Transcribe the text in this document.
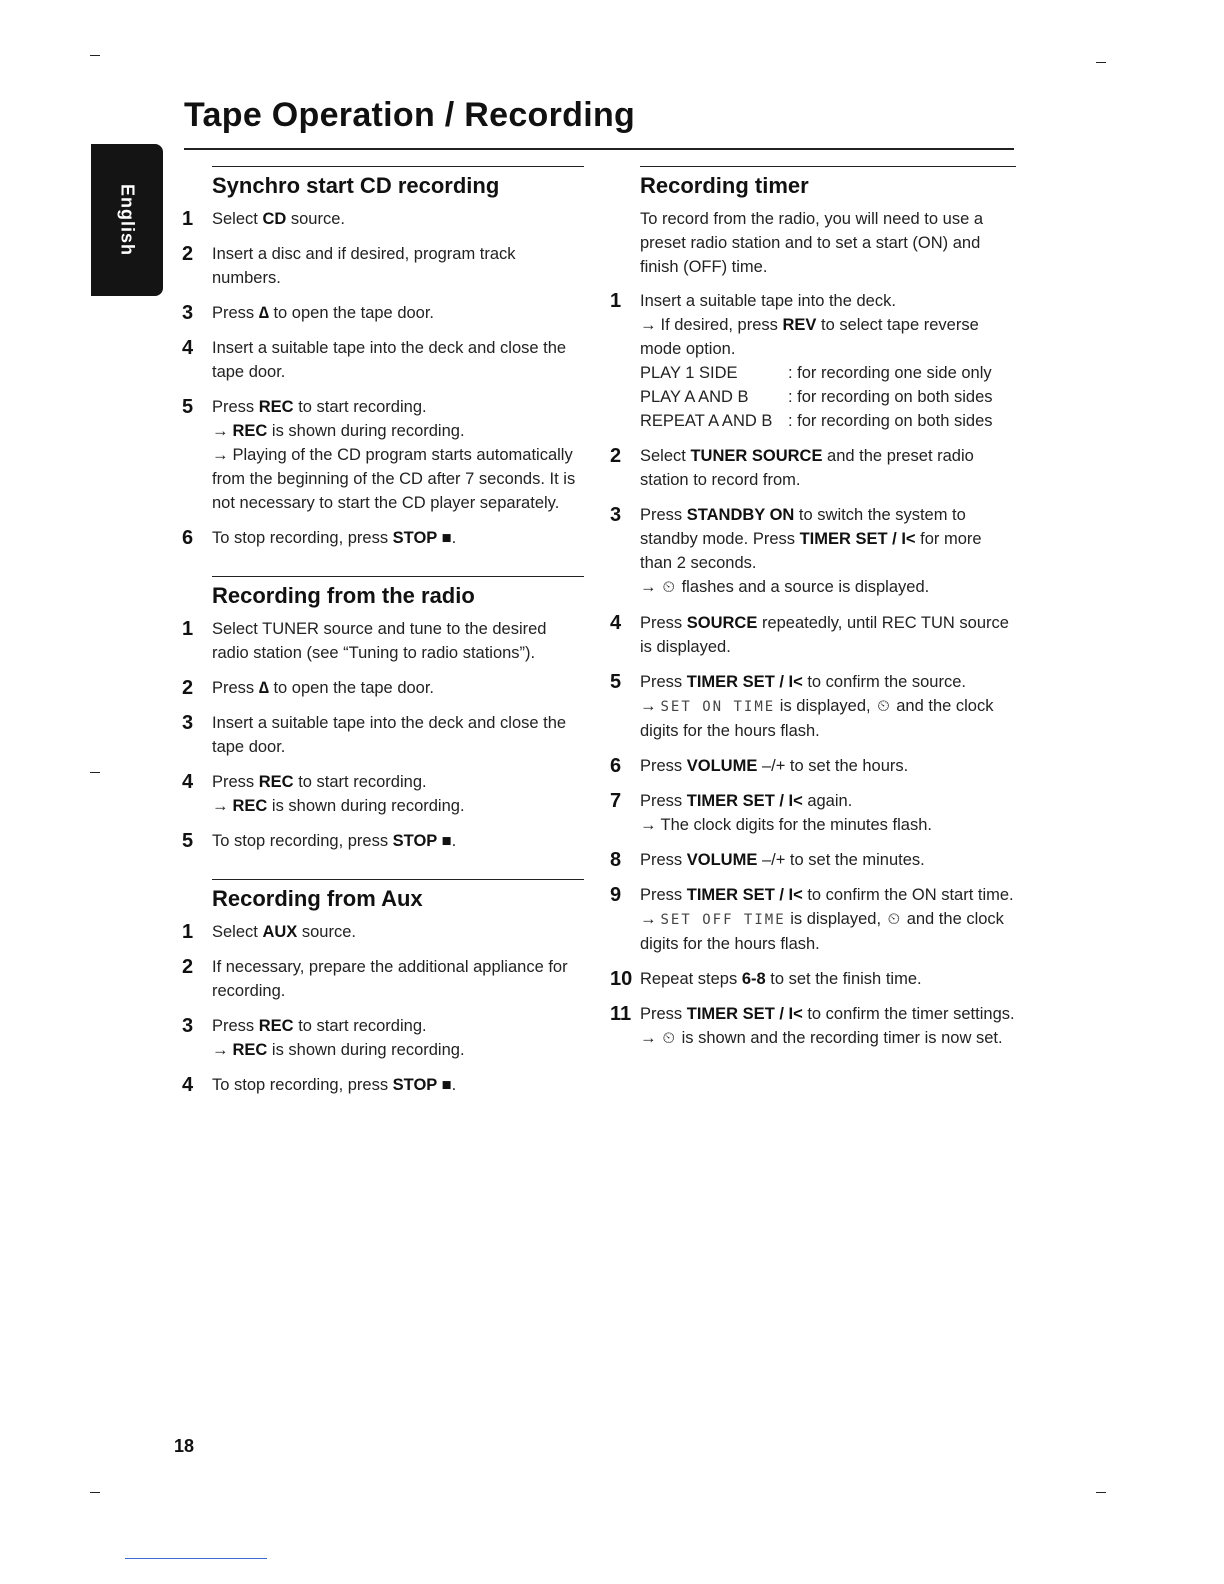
English
Tape Operation / Recording
Synchro start CD recording
1 Select CD source.
2 Insert a disc and if desired, program track numbers.
3 Press ∆ to open the tape door.
4 Insert a suitable tape into the deck and close the tape door.
5 Press REC to start recording.
→ REC is shown during recording.
→ Playing of the CD program starts automatically from the beginning of the CD after 7 seconds. It is not necessary to start the CD player separately.
6 To stop recording, press STOP ■.
Recording from the radio
1 Select TUNER source and tune to the desired radio station (see “Tuning to radio stations”).
2 Press ∆ to open the tape door.
3 Insert a suitable tape into the deck and close the tape door.
4 Press REC to start recording.
→ REC is shown during recording.
5 To stop recording, press STOP ■.
Recording from Aux
1 Select AUX source.
2 If necessary, prepare the additional appliance for recording.
3 Press REC to start recording.
→ REC is shown during recording.
4 To stop recording, press STOP ■.
Recording timer

To record from the radio, you will need to use a preset radio station and to set a start (ON) and finish (OFF) time.

1 Insert a suitable tape into the deck.
→ If desired, press REV to select tape reverse mode option.
PLAY 1 SIDE	: for recording one side only
PLAY A AND B	: for recording on both sides
REPEAT A AND B : for recording on both sides
2 Select TUNER SOURCE and the preset radio station to record from.
3 Press STANDBY ON to switch the system to standby mode. Press TIMER SET / I< for more than 2 seconds.
→ ⏲ flashes and a source is displayed.
4 Press SOURCE repeatedly, until REC TUN source is displayed.
5 Press TIMER SET / I< to confirm the source.
→ SET ON TIME is displayed, ⏲ and the clock digits for the hours flash.
6 Press VOLUME –/+ to set the hours.
7 Press TIMER SET / I< again.
→ The clock digits for the minutes flash.
8 Press VOLUME –/+ to set the minutes.
9 Press TIMER SET / I< to confirm the ON start time.
→ SET OFF TIME is displayed, ⏲ and the clock digits for the hours flash.
10 Repeat steps 6-8 to set the finish time.
11 Press TIMER SET / I< to confirm the timer settings.
→ ⏲ is shown and the recording timer is now set.
18
